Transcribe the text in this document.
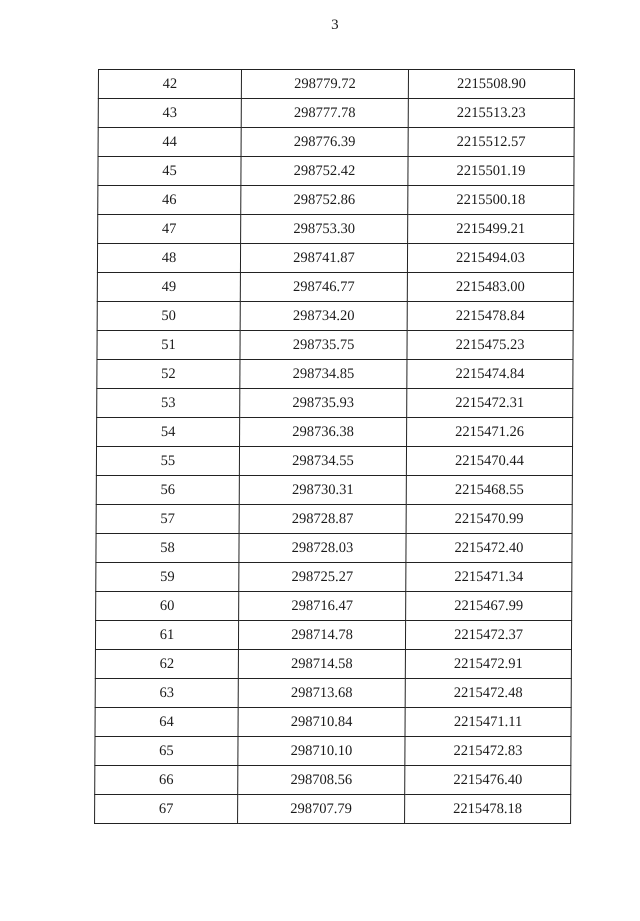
3
42	298779.72	2215508.90
43	298777.78	2215513.23
44	298776.39	2215512.57
45	298752.42	2215501.19
46	298752.86	2215500.18
47	298753.30	2215499.21
48	298741.87	2215494.03
49	298746.77	2215483.00
50	298734.20	2215478.84
51	298735.75	2215475.23
52	298734.85	2215474.84
53	298735.93	2215472.31
54	298736.38	2215471.26
55	298734.55	2215470.44
56	298730.31	2215468.55
57	298728.87	2215470.99
58	298728.03	2215472.40
59	298725.27	2215471.34
60	298716.47	2215467.99
61	298714.78	2215472.37
62	298714.58	2215472.91
63	298713.68	2215472.48
64	298710.84	2215471.11
65	298710.10	2215472.83
66	298708.56	2215476.40
67	298707.79	2215478.18
